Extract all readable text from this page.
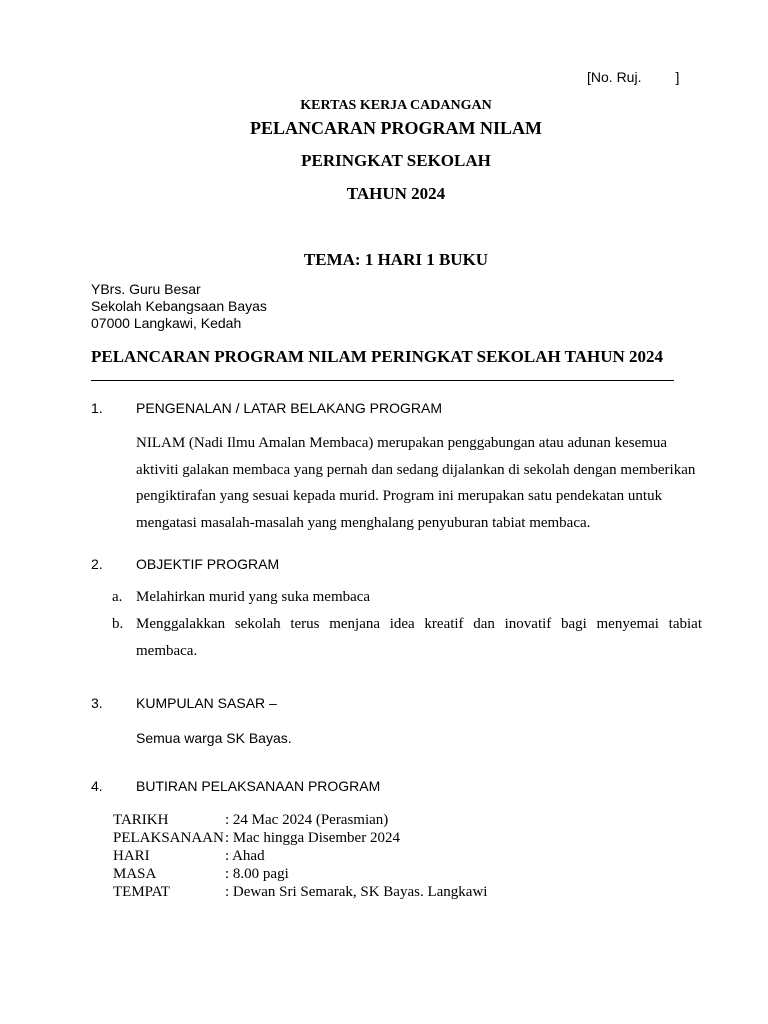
[No. Ruj. ]
KERTAS KERJA CADANGAN
PELANCARAN PROGRAM NILAM
PERINGKAT SEKOLAH
TAHUN 2024
TEMA: 1 HARI 1 BUKU
YBrs. Guru Besar
Sekolah Kebangsaan Bayas
07000 Langkawi, Kedah
PELANCARAN PROGRAM NILAM PERINGKAT SEKOLAH TAHUN 2024
1. PENGENALAN / LATAR BELAKANG PROGRAM
NILAM (Nadi Ilmu Amalan Membaca) merupakan penggabungan atau adunan kesemua aktiviti galakan membaca yang pernah dan sedang dijalankan di sekolah dengan memberikan pengiktirafan yang sesuai kepada murid. Program ini merupakan satu pendekatan untuk mengatasi masalah-masalah yang menghalang penyuburan tabiat membaca.
2. OBJEKTIF PROGRAM
a. Melahirkan murid yang suka membaca
b. Menggalakkan sekolah terus menjana idea kreatif dan inovatif bagi menyemai tabiat membaca.
3. KUMPULAN SASAR –
Semua warga SK Bayas.
4. BUTIRAN PELAKSANAAN PROGRAM
TARIKH	: 24 Mac 2024 (Perasmian)
PELAKSANAAN : Mac hingga Disember 2024
HARI	: Ahad
MASA	: 8.00 pagi
TEMPAT	: Dewan Sri Semarak, SK Bayas. Langkawi
